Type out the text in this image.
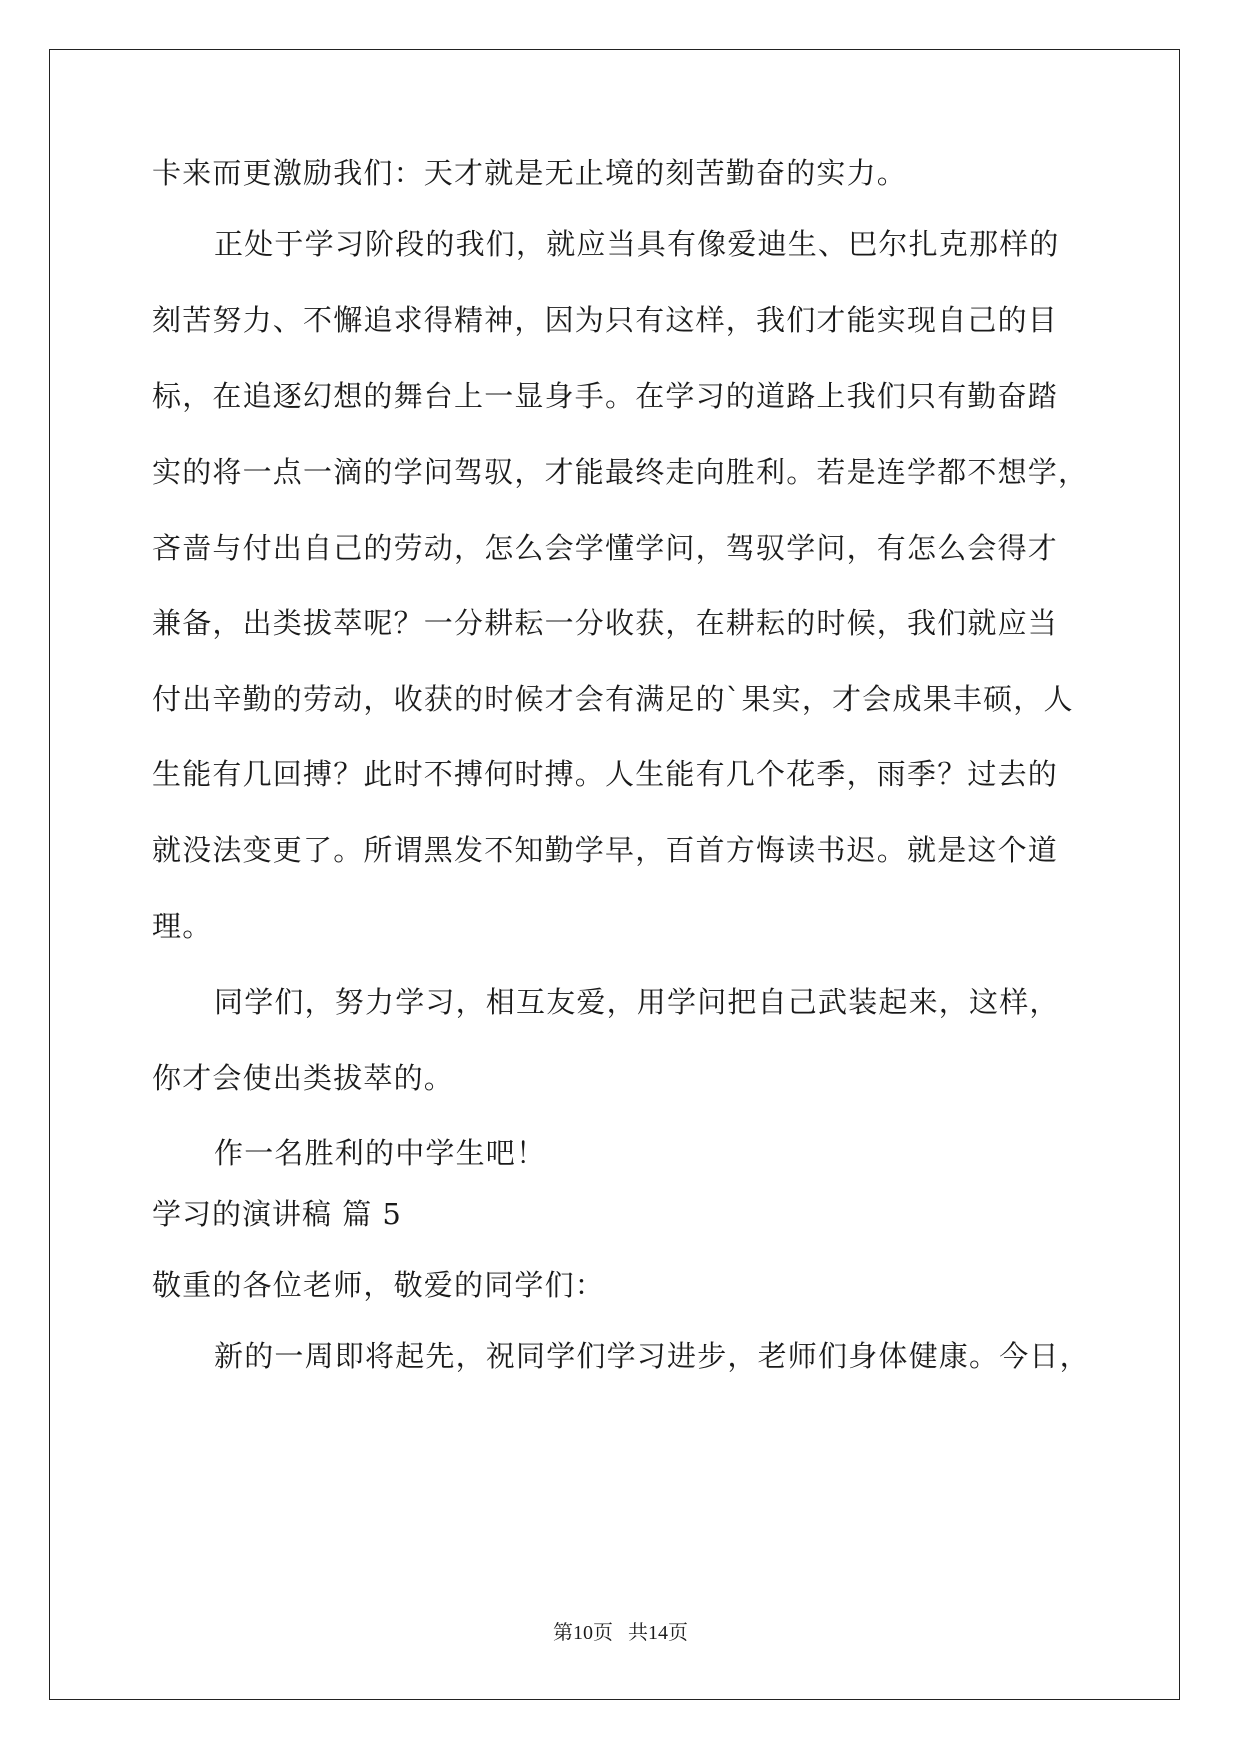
卡来而更激励我们：天才就是无止境的刻苦勤奋的实力。
正处于学习阶段的我们，就应当具有像爱迪生、巴尔扎克那样的
刻苦努力、不懈追求得精神，因为只有这样，我们才能实现自己的目
标，在追逐幻想的舞台上一显身手。在学习的道路上我们只有勤奋踏
实的将一点一滴的学问驾驭，才能最终走向胜利。若是连学都不想学，
吝啬与付出自己的劳动，怎么会学懂学问，驾驭学问，有怎么会得才
兼备，出类拔萃呢？一分耕耘一分收获，在耕耘的时候，我们就应当
付出辛勤的劳动，收获的时候才会有满足的`果实，才会成果丰硕，人
生能有几回搏？此时不搏何时搏。人生能有几个花季，雨季？过去的
就没法变更了。所谓黑发不知勤学早，百首方悔读书迟。就是这个道
理。
同学们，努力学习，相互友爱，用学问把自己武装起来，这样，
你才会使出类拔萃的。
作一名胜利的中学生吧！
学习的演讲稿 篇 5
敬重的各位老师，敬爱的同学们：
新的一周即将起先，祝同学们学习进步，老师们身体健康。今日，
第10页   共14页
